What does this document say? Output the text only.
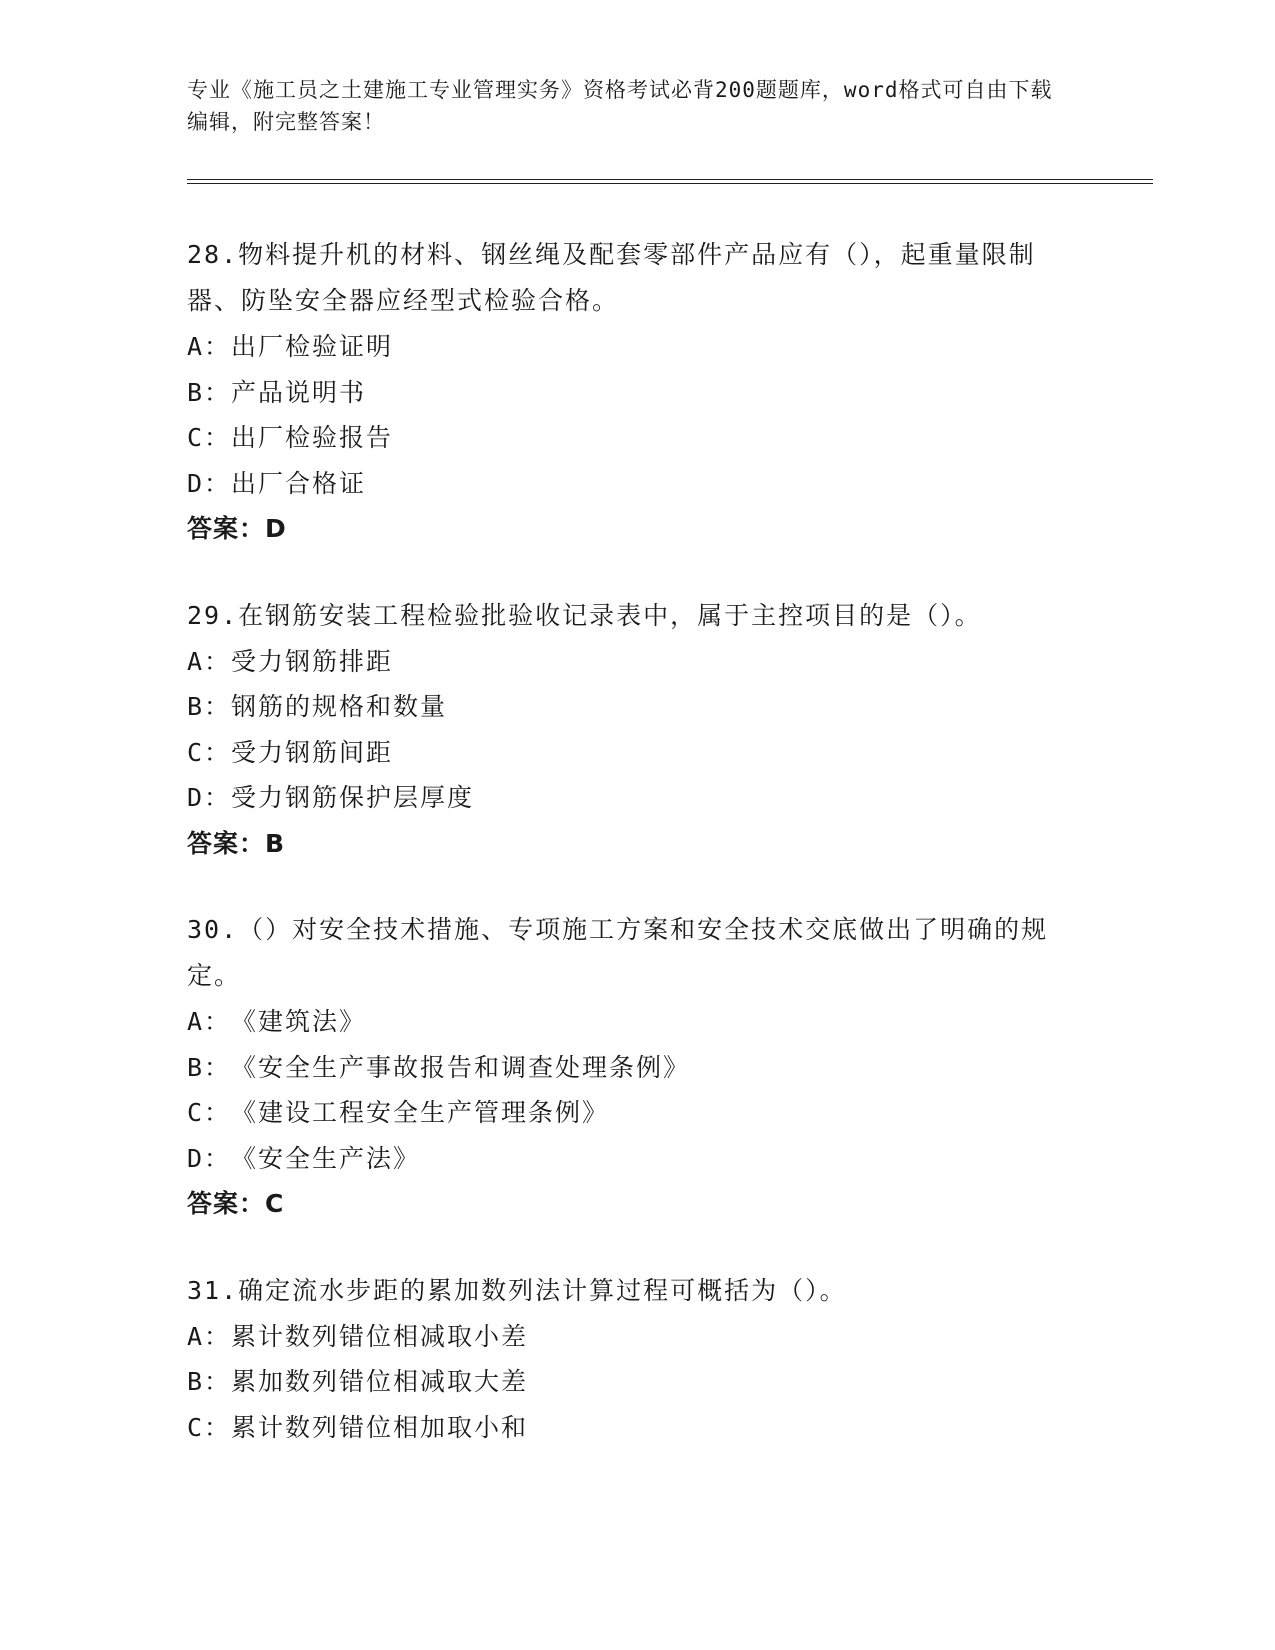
专业《施工员之土建施工专业管理实务》资格考试必背200题题库，word格式可自由下载编辑，附完整答案！
28.物料提升机的材料、钢丝绳及配套零部件产品应有（），起重量限制器、防坠安全器应经型式检验合格。
A：出厂检验证明
B：产品说明书
C：出厂检验报告
D：出厂合格证
答案：D
29.在钢筋安装工程检验批验收记录表中，属于主控项目的是（）。
A：受力钢筋排距
B：钢筋的规格和数量
C：受力钢筋间距
D：受力钢筋保护层厚度
答案：B
30.（）对安全技术措施、专项施工方案和安全技术交底做出了明确的规定。
A：《建筑法》
B：《安全生产事故报告和调查处理条例》
C：《建设工程安全生产管理条例》
D：《安全生产法》
答案：C
31.确定流水步距的累加数列法计算过程可概括为（）。
A：累计数列错位相减取小差
B：累加数列错位相减取大差
C：累计数列错位相加取小和
